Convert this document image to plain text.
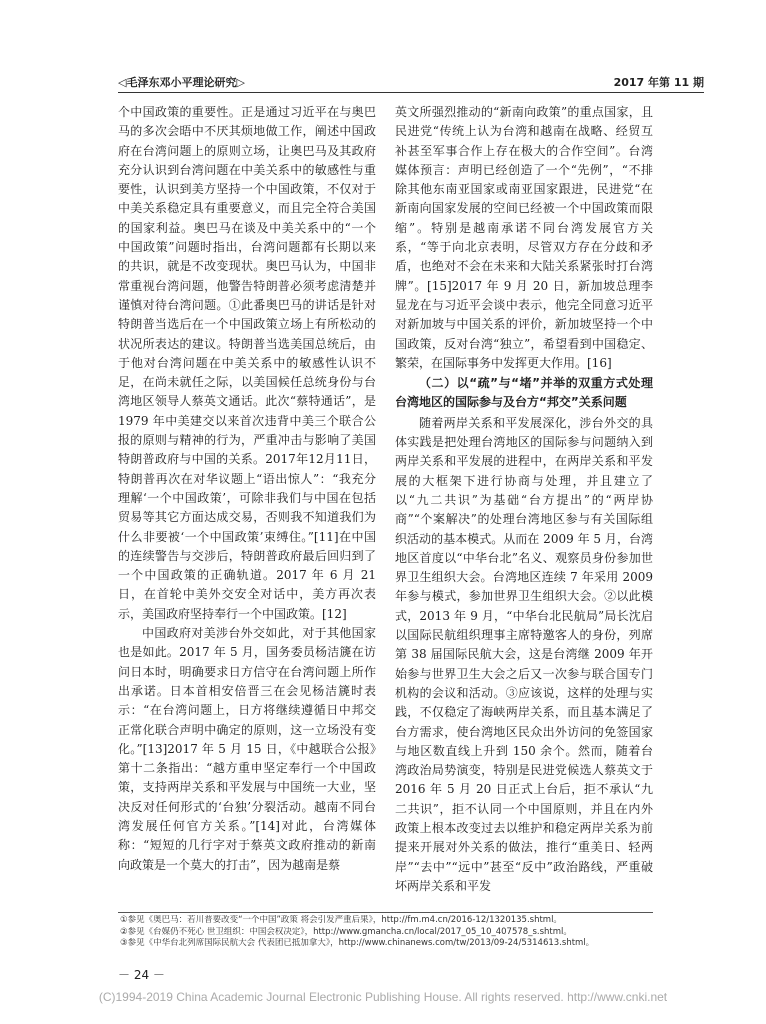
◁毛泽东邓小平理论研究▷	2017 年第 11 期

个中国政策的重要性。正是通过习近平在与奥巴马的多次会晤中不厌其烦地做工作，阐述中国政府在台湾问题上的原则立场，让奥巴马及其政府充分认识到台湾问题在中美关系中的敏感性与重要性，认识到美方坚持一个中国政策，不仅对于中美关系稳定具有重要意义，而且完全符合美国的国家利益。奥巴马在谈及中美关系中的“一个中国政策”问题时指出，台湾问题都有长期以来的共识，就是不改变现状。奥巴马认为，中国非常重视台湾问题，他警告特朗普必须考虑清楚并谨慎对待台湾问题。①此番奥巴马的讲话是针对特朗普当选后在一个中国政策立场上有所松动的状况所表达的建议。特朗普当选美国总统后，由于他对台湾问题在中美关系中的敏感性认识不足，在尚未就任之际，以美国候任总统身份与台湾地区领导人蔡英文通话。此次“蔡特通话”，是 1979 年中美建交以来首次违背中美三个联合公报的原则与精神的行为，严重冲击与影响了美国特朗普政府与中国的关系。2017年12月11日，特朗普再次在对华议题上“语出惊人”：“我充分理解‘一个中国政策’，可除非我们与中国在包括贸易等其它方面达成交易，否则我不知道我们为什么非要被‘一个中国政策’束缚住。”[11]在中国的连续警告与交涉后，特朗普政府最后回归到了一个中国政策的正确轨道。2017 年 6 月 21 日，在首轮中美外交安全对话中，美方再次表示，美国政府坚持奉行一个中国政策。[12]

中国政府对美涉台外交如此，对于其他国家也是如此。2017 年 5 月，国务委员杨洁篪在访问日本时，明确要求日方信守在台湾问题上所作出承诺。日本首相安倍晋三在会见杨洁篪时表示：“在台湾问题上，日方将继续遵循日中邦交正常化联合声明中确定的原则，这一立场没有变化。”[13]2017 年 5 月 15 日，《中越联合公报》第十二条指出：“越方重申坚定奉行一个中国政策，支持两岸关系和平发展与中国统一大业，坚决反对任何形式的‘台独’分裂活动。越南不同台湾发展任何官方关系。”[14]对此，台湾媒体称：“短短的几行字对于蔡英文政府推动的新南向政策是一个莫大的打击”，因为越南是蔡

英文所强烈推动的“新南向政策”的重点国家，且民进党“传统上认为台湾和越南在战略、经贸互补甚至军事合作上存在极大的合作空间”。台湾媒体预言：声明已经创造了一个“先例”，“不排除其他东南亚国家或南亚国家跟进，民进党“在新南向国家发展的空间已经被一个中国政策而限缩”。特别是越南承诺不同台湾发展官方关系，“等于向北京表明，尽管双方存在分歧和矛盾，也绝对不会在未来和大陆关系紧张时打台湾牌”。[15]2017 年 9 月 20 日，新加坡总理李显龙在与习近平会谈中表示，他完全同意习近平对新加坡与中国关系的评价，新加坡坚持一个中国政策，反对台湾“独立”，希望看到中国稳定、繁荣，在国际事务中发挥更大作用。[16]

（二）以“疏”与“堵”并举的双重方式处理台湾地区的国际参与及台方“邦交”关系问题

随着两岸关系和平发展深化，涉台外交的具体实践是把处理台湾地区的国际参与问题纳入到两岸关系和平发展的进程中，在两岸关系和平发展的大框架下进行协商与处理，并且建立了以“九二共识”为基础“台方提出”的“两岸协商”“个案解决”的处理台湾地区参与有关国际组织活动的基本模式。从而在 2009 年 5 月，台湾地区首度以“中华台北”名义、观察员身份参加世界卫生组织大会。台湾地区连续 7 年采用 2009 年参与模式，参加世界卫生组织大会。②以此模式，2013 年 9 月，“中华台北民航局”局长沈启以国际民航组织理事主席特邀客人的身份，列席第 38 届国际民航大会，这是台湾继 2009 年开始参与世界卫生大会之后又一次参与联合国专门机构的会议和活动。③应该说，这样的处理与实践，不仅稳定了海峡两岸关系，而且基本满足了台方需求，使台湾地区民众出外访问的免签国家与地区数直线上升到 150 余个。然而，随着台湾政治局势演变，特别是民进党候选人蔡英文于 2016 年 5 月 20 日正式上台后，拒不承认“九二共识”，拒不认同一个中国原则，并且在内外政策上根本改变过去以维护和稳定两岸关系为前提来开展对外关系的做法，推行“重美日、轻两岸”“去中”“远中”甚至“反中”政治路线，严重破坏两岸关系和平发

①参见《奥巴马：若川普要改变“一个中国”政策 将会引发严重后果》，http://fm.m4.cn/2016-12/1320135.shtml。
②参见《台媒仍不死心 世卫组织：中国会权决定》，http://www.gmancha.cn/local/2017_05_10_407578_s.shtml。
③参见《中华台北列席国际民航大会 代表团已抵加拿大》，http://www.chinanews.com/tw/2013/09-24/5314613.shtml。
－ 24 －
(C)1994-2019 China Academic Journal Electronic Publishing House. All rights reserved. http://www.cnki.net
